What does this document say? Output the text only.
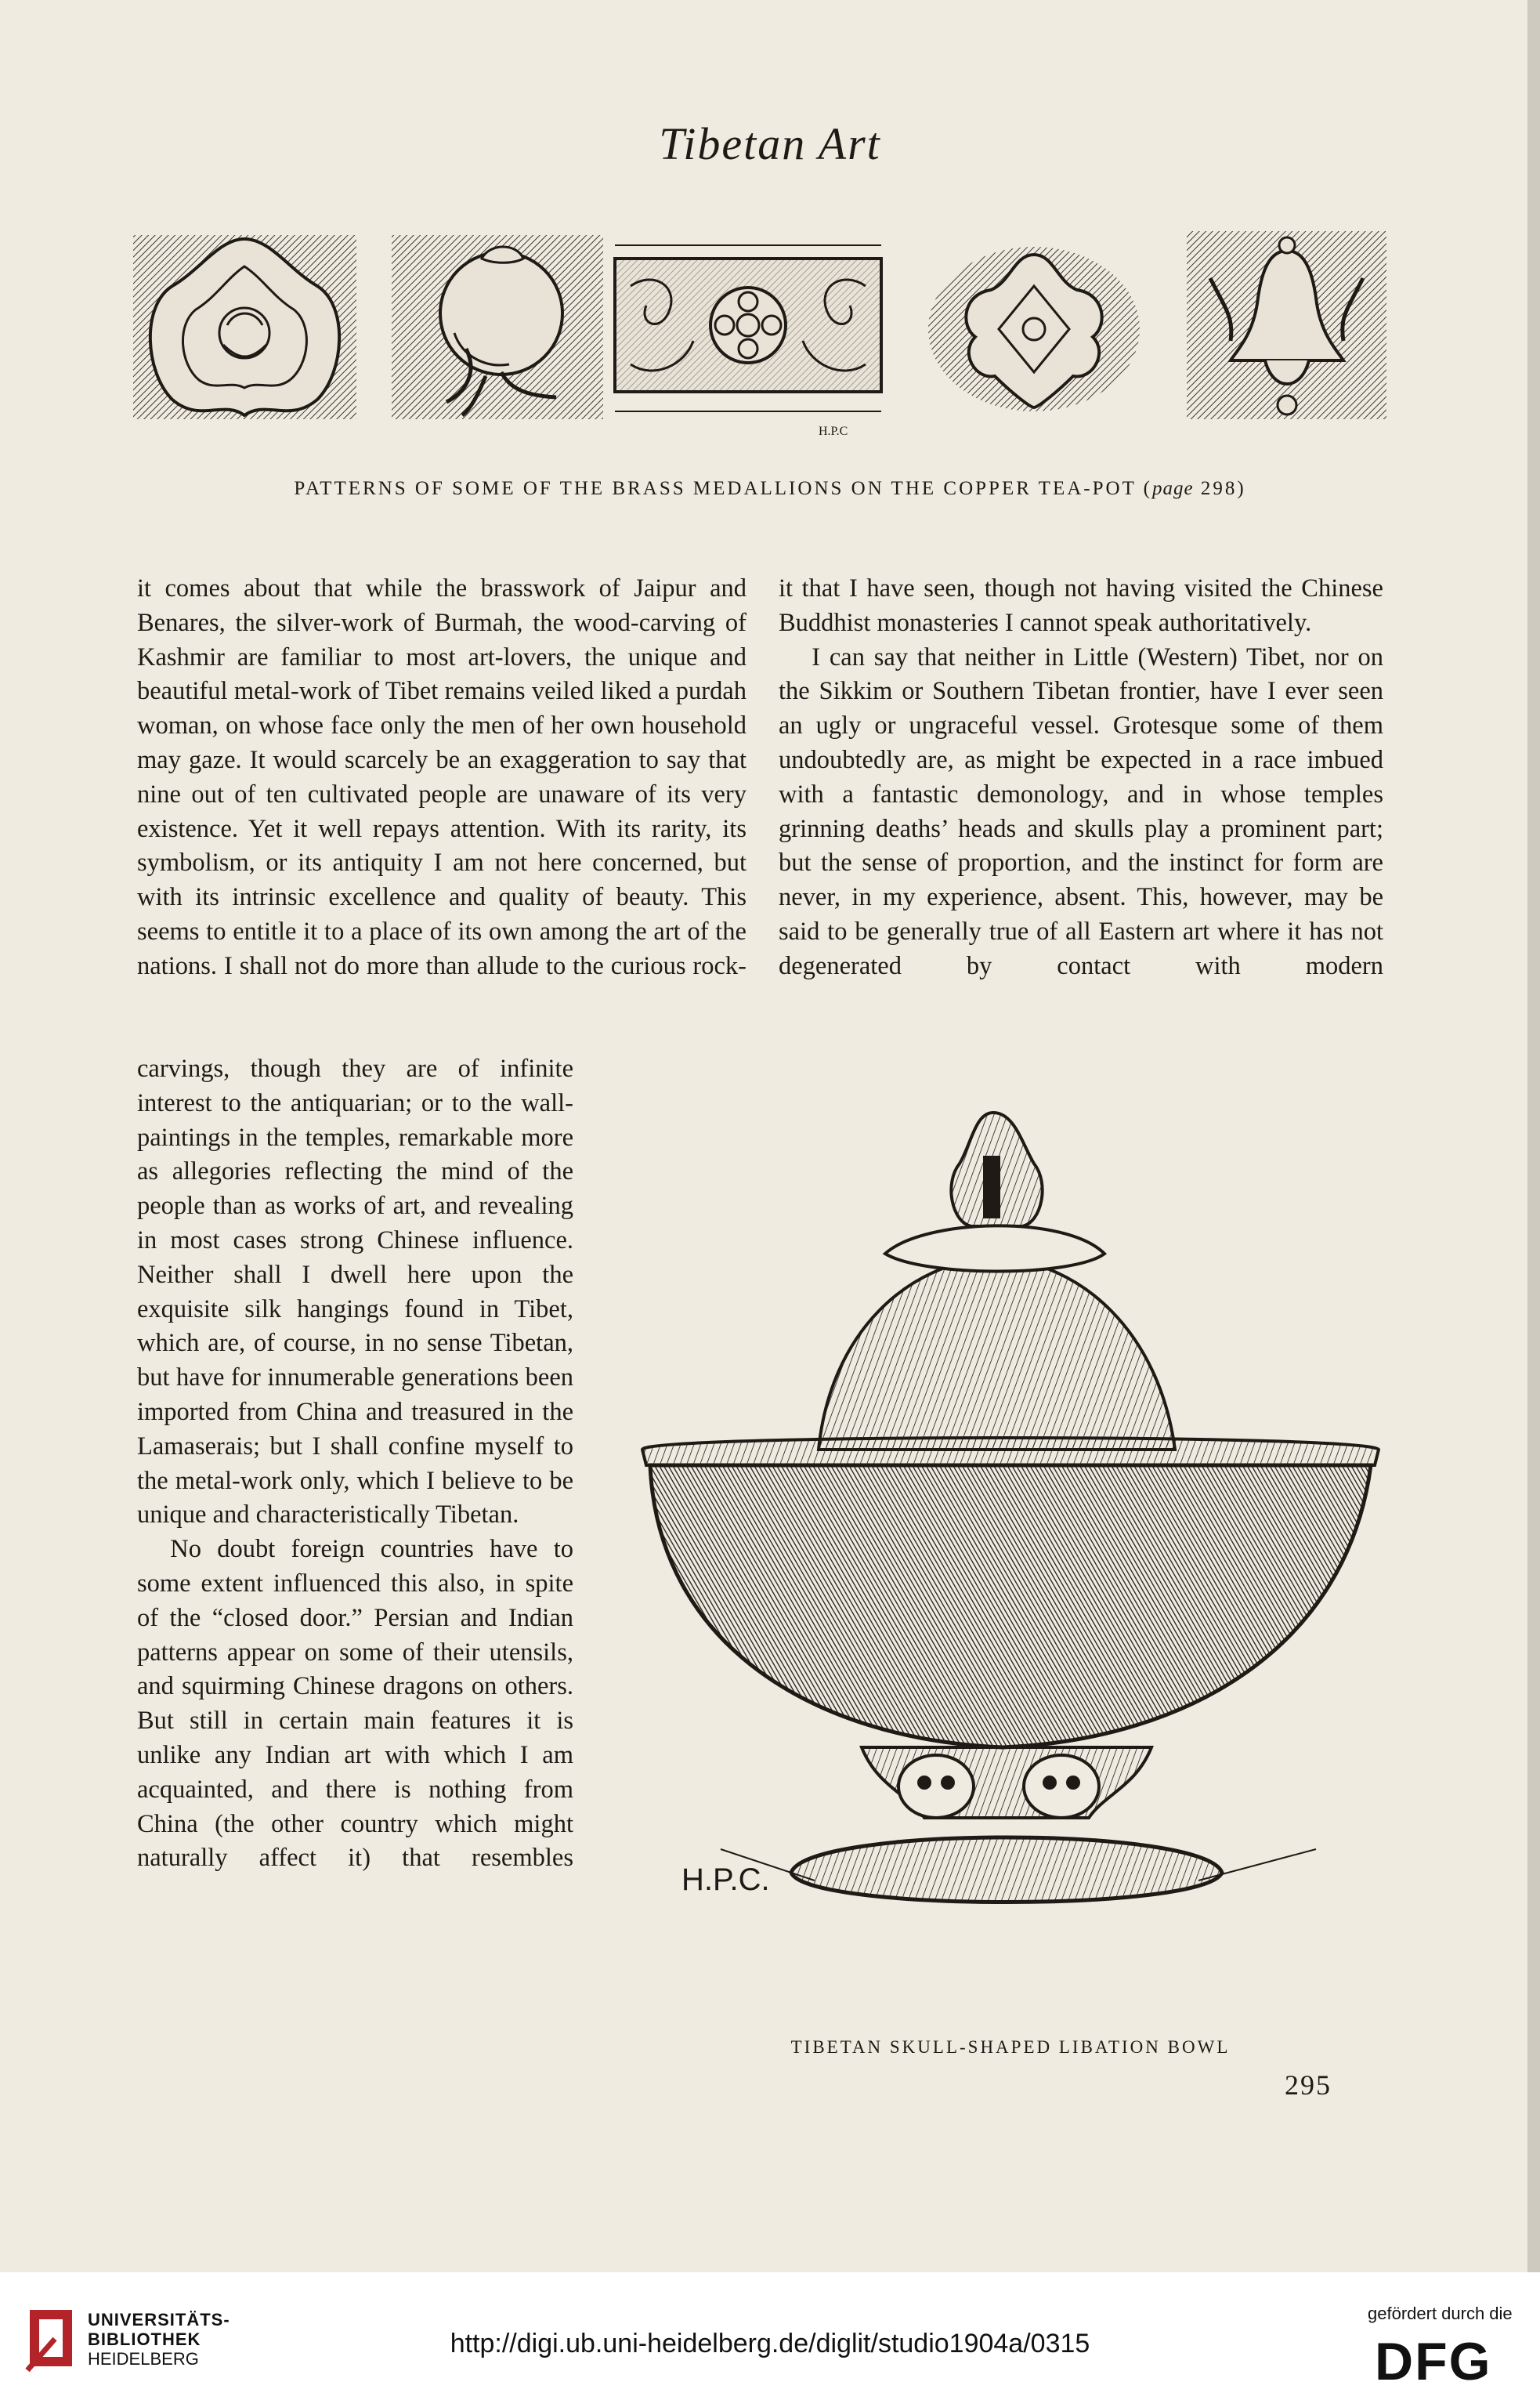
Tibetan Art
H.P.C
PATTERNS OF SOME OF THE BRASS MEDALLIONS ON THE COPPER TEA-POT (page 298)

it comes about that while the brasswork of Jaipur and Benares, the silver-work of Burmah, the wood-carving of Kashmir are familiar to most art-lovers, the unique and beautiful metal-work of Tibet remains veiled liked a purdah woman, on whose face only the men of her own household may gaze. It would scarcely be an exaggeration to say that nine out of ten cultivated people are unaware of its very existence. Yet it well repays attention. With its rarity, its symbolism, or its antiquity I am not here concerned, but with its intrinsic excellence and quality of beauty. This seems to entitle it to a place of its own among the art of the nations. I shall not do more than allude to the curious rock-

carvings, though they are of infinite interest to the antiquarian; or to the wall-paintings in the temples, remarkable more as allegories reflecting the mind of the people than as works of art, and revealing in most cases strong Chinese influence. Neither shall I dwell here upon the exquisite silk hangings found in Tibet, which are, of course, in no sense Tibetan, but have for innumerable generations been imported from China and treasured in the Lamaserais; but I shall confine myself to the metal-work only, which I believe to be unique and characteristically Tibetan.

No doubt foreign countries have to some extent influenced this also, in spite of the “closed door.” Persian and Indian patterns appear on some of their utensils, and squirming Chinese dragons on others. But still in certain main features it is unlike any Indian art with which I am acquainted, and there is nothing from China (the other country which might naturally affect it) that resembles

it that I have seen, though not having visited the Chinese Buddhist monasteries I cannot speak authoritatively.

I can say that neither in Little (Western) Tibet, nor on the Sikkim or Southern Tibetan frontier, have I ever seen an ugly or ungraceful vessel. Grotesque some of them undoubtedly are, as might be expected in a race imbued with a fantastic demonology, and in whose temples grinning deaths’ heads and skulls play a prominent part; but the sense of proportion, and the instinct for form are never, in my experience, absent. This, however, may be said to be generally true of all Eastern art where it has not degenerated by contact with modern

H.P.C.
TIBETAN SKULL-SHAPED LIBATION BOWL
295
UNIVERSITÄTS-
BIBLIOTHEK
HEIDELBERG
http://digi.ub.uni-heidelberg.de/diglit/studio1904a/0315
gefördert durch die
DFG
